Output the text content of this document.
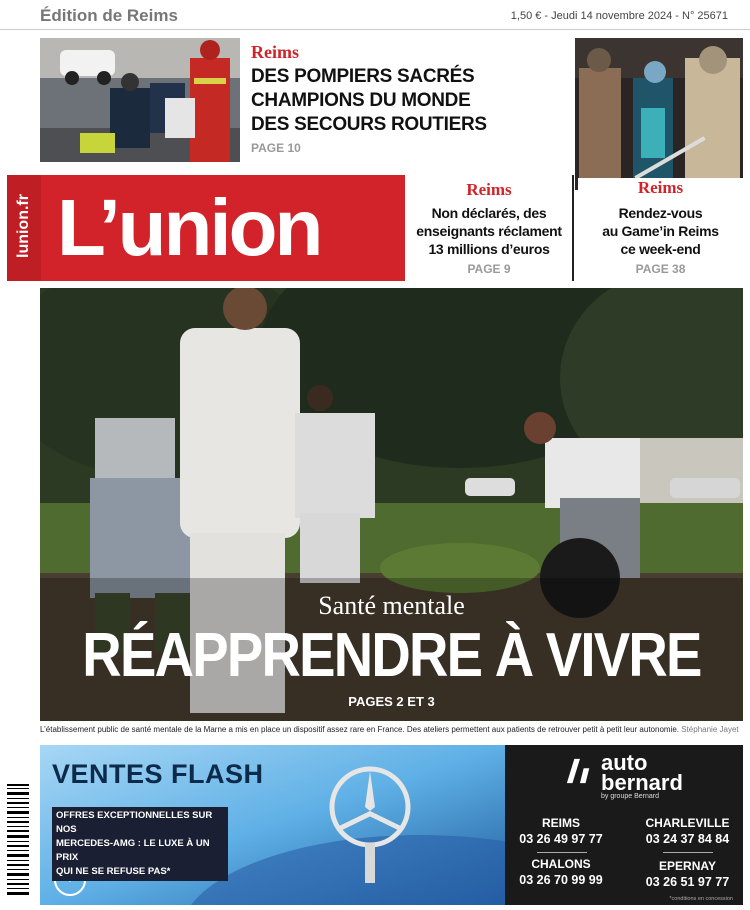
Édition de Reims	1,50 € - Jeudi 14 novembre 2024 - N° 25671
Reims
DES POMPIERS SACRÉS
CHAMPIONS DU MONDE
DES SECOURS ROUTIERS
PAGE 10
lunion.fr L’union	Reims
Non déclarés, des
enseignants réclament
13 millions d’euros
PAGE 9
Reims
Rendez-vous
au Game’in Reims
ce week-end
PAGE 38
Santé mentale
RÉAPPRENDRE À VIVRE
PAGES 2 ET 3
L’établissement public de santé mentale de la Marne a mis en place un dispositif assez rare en France. Des ateliers permettent aux patients de retrouver petit à petit leur autonomie. Stéphanie Jayet
VENTES FLASH
OFFRES EXCEPTIONNELLES SUR NOS
MERCEDES-AMG : LE LUXE À UN PRIX
QUI NE SE REFUSE PAS*
auto
bernard
by groupe Bernard
REIMS
03 26 49 97 77
CHARLEVILLE
03 24 37 84 84
CHALONS
03 26 70 99 99
EPERNAY
03 26 51 97 77
*conditions en concession
